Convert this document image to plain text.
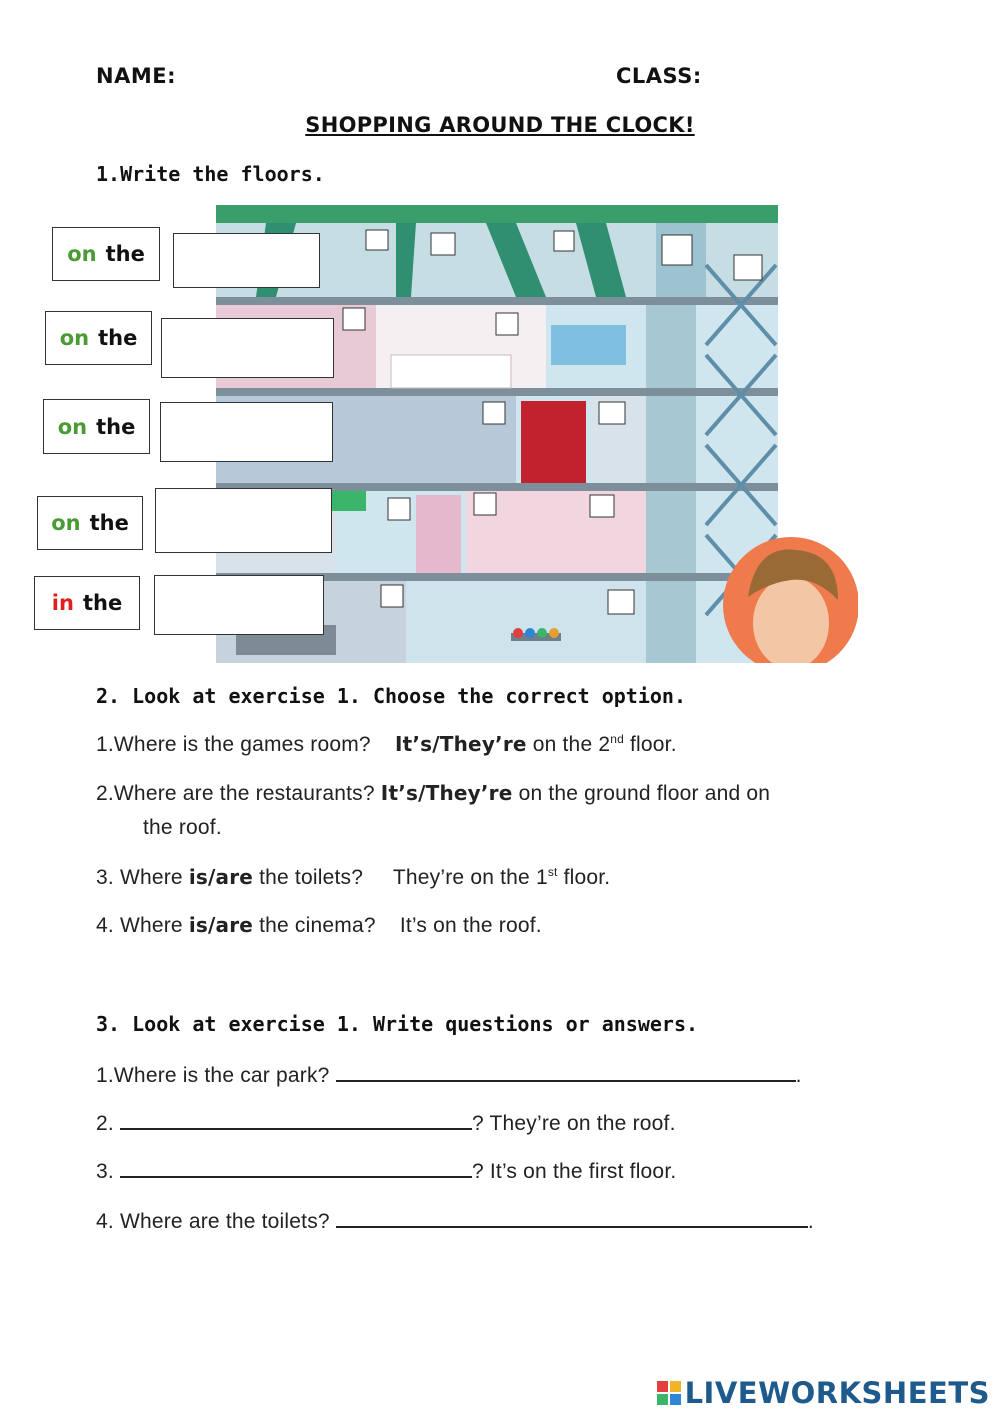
NAME:	CLASS:
SHOPPING AROUND THE CLOCK!
1.Write the floors.
on the
on the
on the
on the
in the
2. Look at exercise 1. Choose the correct option.
1.Where is the games room? It’s/They’re on the 2nd floor.
2.Where are the restaurants? It’s/They’re on the ground floor and on
the roof.
3. Where is/are the toilets? They’re on the 1st floor.
4. Where is/are the cinema? It’s on the roof.
3. Look at exercise 1. Write questions or answers.
1.Where is the car park?	.
2.	? They’re on the roof.
3.	? It’s on the first floor.
4. Where are the toilets?	.
LIVEWORKSHEETS
